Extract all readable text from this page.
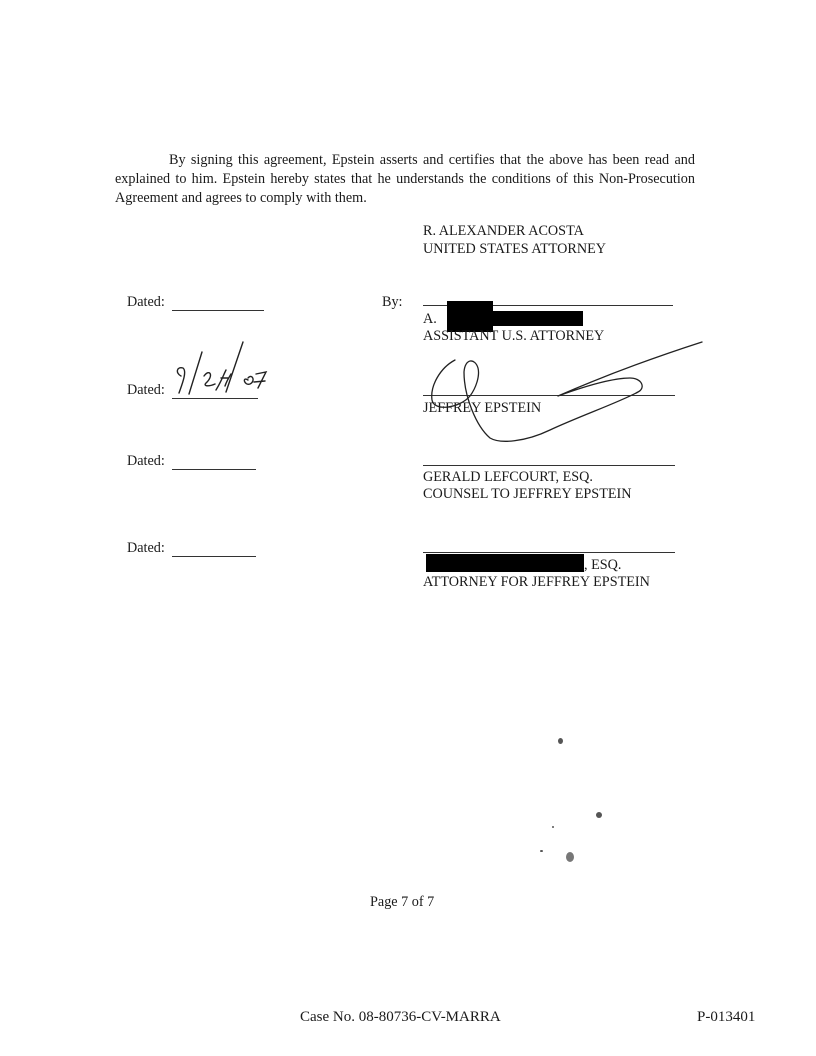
By signing this agreement, Epstein asserts and certifies that the above has been read and explained to him. Epstein hereby states that he understands the conditions of this Non-Prosecution Agreement and agrees to comply with them.
R. ALEXANDER ACOSTA
UNITED STATES ATTORNEY
Dated:	By:
A.
ASSISTANT U.S. ATTORNEY
Dated:
JEFFREY EPSTEIN
Dated:
GERALD LEFCOURT, ESQ.
COUNSEL TO JEFFREY EPSTEIN
Dated:
, ESQ.
ATTORNEY FOR JEFFREY EPSTEIN
Page 7 of 7
Case No. 08-80736-CV-MARRA	P-013401
